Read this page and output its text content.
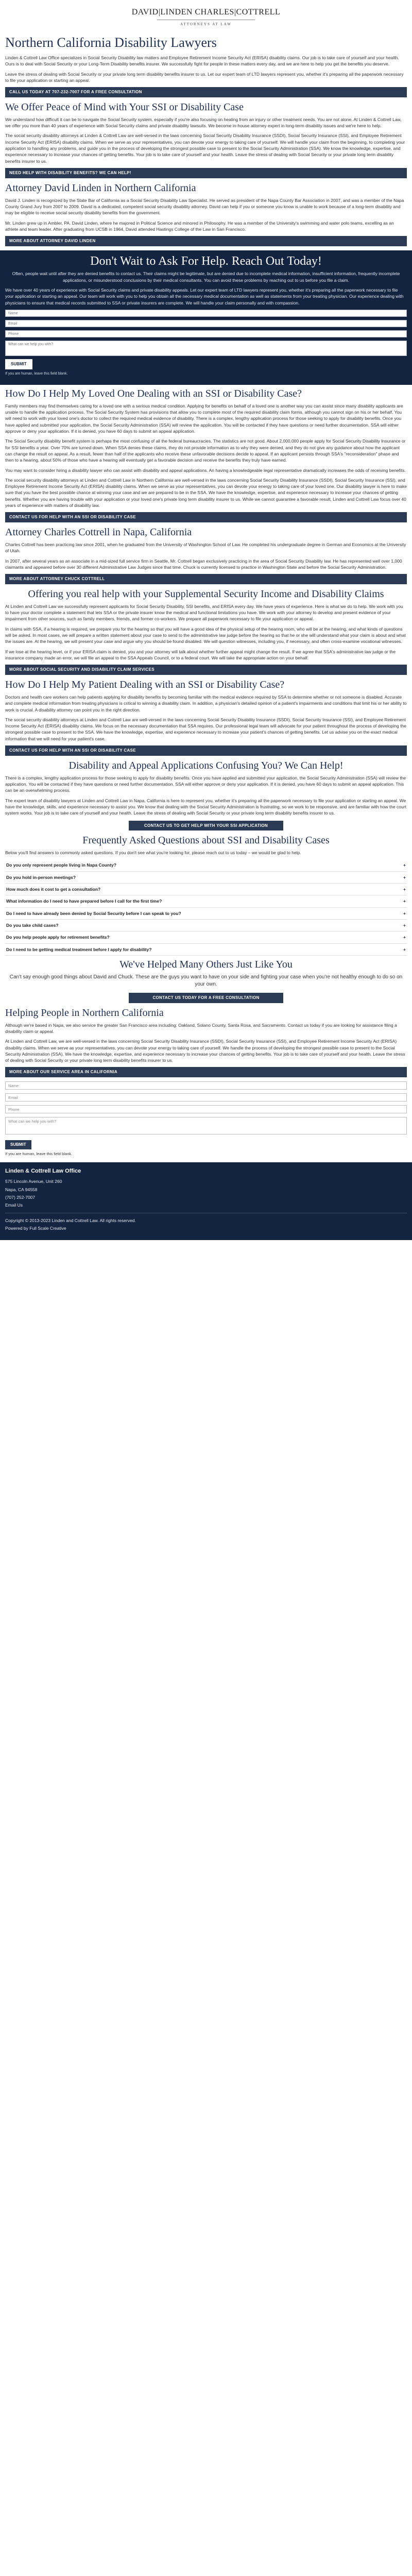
DAVID|LINDEN CHARLES|COTTRELL
ATTORNEYS AT LAW
Northern California Disability Lawyers

Linden & Cottrell Law Office specializes in Social Security Disability law matters and Employee Retirement Income Security Act (ERISA) disability claims. Our job is to take care of yourself and your health. Ours is to deal with Social Security or your Long-Term Disability benefits insurer. We successfully fight for people in these matters every day, and we are here to help you get the benefits you deserve.

Leave the stress of dealing with Social Security or your private long term disability benefits insurer to us. Let our expert team of LTD lawyers represent you, whether it's preparing all the paperwork necessary to file your application or starting an appeal.

CALL US TODAY AT 707-232-7007 FOR A FREE CONSULTATION
We Offer Peace of Mind with Your SSI or Disability Case

We understand how difficult it can be to navigate the Social Security system, especially if you're also focusing on healing from an injury or other treatment needs. You are not alone. At Linden & Cottrell Law, we offer you more than 40 years of experience with Social Security claims and private disability lawsuits. We become in-house attorney expert in long-term disability issues and we're here to help.

The social security disability attorneys at Linden & Cottrell Law are well-versed in the laws concerning Social Security Disability Insurance (SSDI), Social Security Insurance (SSI), and Employee Retirement Income Security Act (ERISA) disability claims. When we serve as your representatives, you can devote your energy to taking care of yourself. We will handle your claim from the beginning, to completing your application to handling any problems, and guide you in the process of developing the strongest possible case to present to the Social Security Administration (SSA). We know the knowledge, expertise, and experience necessary to increase your chances of getting benefits. Your job is to take care of yourself and your health. Leave the stress of dealing with Social Security or your private long term disability benefits insurer to us.

NEED HELP WITH DISABILITY BENEFITS? WE CAN HELP!
Attorney David Linden in Northern California

David J. Linden is recognized by the State Bar of California as a Social Security Disability Law Specialist. He served as president of the Napa County Bar Association in 2007, and was a member of the Napa County Grand Jury from 2007 to 2009. David is a dedicated, competent social security disability attorney. David can help if you or someone you know is unable to work because of a long-term disability and may be eligible to receive social security disability benefits from the government.

Mr. Linden grew up in Ambler, PA. David Linden, where he majored in Political Science and minored in Philosophy. He was a member of the University's swimming and water polo teams, excelling as an athlete and team leader. After graduating from UCSB in 1964, David attended Hastings College of the Law in San Francisco.

MORE ABOUT ATTORNEY DAVID LINDEN
Don't Wait to Ask For Help. Reach Out Today!

Often, people wait until after they are denied benefits to contact us. Their claims might be legitimate, but are denied due to incomplete medical information, insufficient information, frequently incomplete applications, or misunderstood conclusions by their medical consultants. You can avoid these problems by reaching out to us before you file a claim.

We have over 40 years of experience with Social Security claims and private disability appeals. Let our expert team of LTD lawyers represent you, whether it's preparing all the paperwork necessary to file your application or starting an appeal. Our team will work with you to help you obtain all the necessary medical documentation as well as statements from your treating physician. Our experience dealing with physicians to ensure that medical records submitted to SSA or private insurers are complete. We will handle your claim personally and with compassion.

Name
Email
Phone
What can we help you with?
SUBMIT
If you are human, leave this field blank.
How Do I Help My Loved One Dealing with an SSI or Disability Case?

Family members may find themselves caring for a loved one with a serious medical condition. Applying for benefits on behalf of a loved one is another way you can assist since many disability applicants are unable to handle the application process. The Social Security System has provisions that allow you to complete most of the required disability claim forms, although you cannot sign on his or her behalf. You will need to work with your loved one's doctor to collect the required medical evidence of disability. There is a complex, lengthy application process for those seeking to apply for disability benefits. Once you have applied and submitted your application, the Social Security Administration (SSA) will review the application. You will be contacted if they have questions or need further documentation. SSA will either approve or deny your application. If it is denied, you have 60 days to submit an appeal application.

The Social Security disability benefit system is perhaps the most confusing of all the federal bureaucracies. The statistics are not good. About 2,000,000 people apply for Social Security Disability Insurance or for SSI benefits a year. Over 70% are turned down. When SSA denies these claims, they do not provide information as to why they were denied, and they do not give any guidance about how the applicant can change the result on appeal. As a result, fewer than half of the applicants who receive these unfavorable decisions decide to appeal. If an applicant persists through SSA's "reconsideration" phase and then to a hearing, about 50% of those who have a hearing will eventually get a favorable decision and receive the benefits they truly have earned.

You may want to consider hiring a disability lawyer who can assist with disability and appeal applications. An having a knowledgeable legal representative dramatically increases the odds of receiving benefits.

The social security disability attorneys at Linden and Cottrell Law in Northern California are well-versed in the laws concerning Social Security Disability Insurance (SSDI), Social Security Insurance (SSI), and Employee Retirement Income Security Act (ERISA) disability claims. When we serve as your representatives, you can devote your energy to taking care of your loved one. Our disability lawyer is here to make sure that you have the best possible chance at winning your case and we are prepared to be in the SSA. We have the knowledge, expertise, and experience necessary to increase your chances of getting benefits. Whether you are having trouble with your application or your loved one's private long term disability insurer to us. While we cannot guarantee a favorable result, Linden and Cottrell Law focus over 40 years of experience with matters of disability law.

CONTACT US FOR HELP WITH AN SSI OR DISABILITY CASE
Attorney Charles Cottrell in Napa, California

Charles Cottrell has been practicing law since 2001, when he graduated from the University of Washington School of Law. He completed his undergraduate degree in German and Economics at the University of Utah.

In 2007, after several years as an associate in a mid-sized full service firm in Seattle, Mr. Cottrell began exclusively practicing in the area of Social Security Disability law. He has represented well over 1,000 claimants and appeared before over 30 different Administrative Law Judges since that time. Chuck is currently licensed to practice in Washington State and before the Social Security Administration.

MORE ABOUT ATTORNEY CHUCK COTTRELL
Offering you real help with your Supplemental Security Income and Disability Claims

At Linden and Cottrell Law we successfully represent applicants for Social Security Disability, SSI benefits, and ERISA every day. We have years of experience. Here is what we do to help. We work with you to have your doctor complete a statement that lets SSA or the private insurer know the medical and functional limitations you have. We work with your attorney to develop and present evidence of your impairment from other sources, such as family members, friends, and former co-workers. We prepare all paperwork necessary to file your application or appeal.

In claims with SSA, if a hearing is required, we prepare you for the hearing so that you will have a good idea of the physical setup of the hearing room, who will be at the hearing, and what kinds of questions will be asked. In most cases, we will prepare a written statement about your case to send to the administrative law judge before the hearing so that he or she will understand what your claim is about and what the issues are. At the hearing, we will present your case and argue why you should be found disabled. We will question witnesses, including you, if necessary, and often cross-examine vocational witnesses.

If we lose at the hearing level, or if your ERISA claim is denied, you and your attorney will talk about whether further appeal might change the result. If we agree that SSA's administrative law judge or the insurance company made an error, we will file an appeal to the SSA Appeals Council, or to a federal court. We will take the appropriate action on your behalf.

MORE ABOUT SOCIAL SECURITY AND DISABILITY CLAIM SERVICES
How Do I Help My Patient Dealing with an SSI or Disability Case?

Doctors and health care workers can help patients applying for disability benefits by becoming familiar with the medical evidence required by SSA to determine whether or not someone is disabled. Accurate and complete medical information from treating physicians is critical to winning a disability claim. In addition, a physician's detailed opinion of a patient's impairments and conditions that limit his or her ability to work is crucial. A disability attorney can point you in the right direction.

The social security disability attorneys at Linden and Cottrell Law are well-versed in the laws concerning Social Security Disability Insurance (SSDI), Social Security Insurance (SSI), and Employee Retirement Income Security Act (ERISA) disability claims. We focus on the necessary documentation that SSA requires. Our professional legal team will advocate for your patient throughout the process of developing the strongest possible case to present to the SSA. We have the knowledge, expertise, and experience necessary to increase your patient's chances of getting benefits. Let us advise you on the exact medical information that we will need for your patient's case.

CONTACT US FOR HELP WITH AN SSI OR DISABILITY CASE
Disability and Appeal Applications Confusing You? We Can Help!

There is a complex, lengthy application process for those seeking to apply for disability benefits. Once you have applied and submitted your application, the Social Security Administration (SSA) will review the application. You will be contacted if they have questions or need further documentation. SSA will either approve or deny your application. If it is denied, you have 60 days to submit an appeal application. This can be an overwhelming process.

The expert team of disability lawyers at Linden and Cottrell Law in Napa, California is here to represent you, whether it's preparing all the paperwork necessary to file your application or starting an appeal. We have the knowledge, skills, and experience necessary to assist you. We know that dealing with the Social Security Administration is frustrating, so we work to be responsive, and are familiar with how the court system works. Your job is to take care of yourself and your health. Leave the stress of dealing with Social Security or your private long term disability benefits insurer to us.

CONTACT US TO GET HELP WITH YOUR SSI APPLICATION
Frequently Asked Questions about SSI and Disability Cases

Below you'll find answers to commonly asked questions. If you don't see what you're looking for, please reach out to us today – we would be glad to help.

Do you only represent people living in Napa County?	+
Do you hold in-person meetings?	+
How much does it cost to get a consultation?	+
What information do I need to have prepared before I call for the first time?	+
Do I need to have already been denied by Social Security before I can speak to you?	+
Do you take child cases?	+
Do you help people apply for retirement benefits?	+
Do I need to be getting medical treatment before I apply for disability?	+
We've Helped Many Others Just Like You

Can't say enough good things about David and Chuck. These are the guys you want to have on your side and fighting your case when you're not healthy enough to do so on your own.

CONTACT US TODAY FOR A FREE CONSULTATION
Helping People in Northern California

Although we're based in Napa, we also service the greater San Francisco area including: Oakland, Solano County, Santa Rosa, and Sacramento. Contact us today if you are looking for assistance filing a disability claim or appeal.

At Linden and Cottrell Law, we are well-versed in the laws concerning Social Security Disability Insurance (SSDI), Social Security Insurance (SSI), and Employee Retirement Income Security Act (ERISA) disability claims. When we serve as your representatives, you can devote your energy to taking care of yourself. We handle the process of developing the strongest possible case to present to the Social Security Administration (SSA). We have the knowledge, expertise, and experience necessary to increase your chances of getting benefits. Your job is to take care of yourself and your health. Leave the stress of dealing with Social Security or your private long term disability benefits insurer to us.

MORE ABOUT OUR SERVICE AREA IN CALIFORNIA
Name
Email
Phone
What can we help you with?
SUBMIT

If you are human, leave this field blank.

Linden & Cottrell Law Office

575 Lincoln Avenue, Unit 260

Napa, CA 94558

(707) 252-7007

Email Us

Copyright © 2013-2023 Linden and Cottrell Law. All rights reserved.

Powered by Full Scale Creative
